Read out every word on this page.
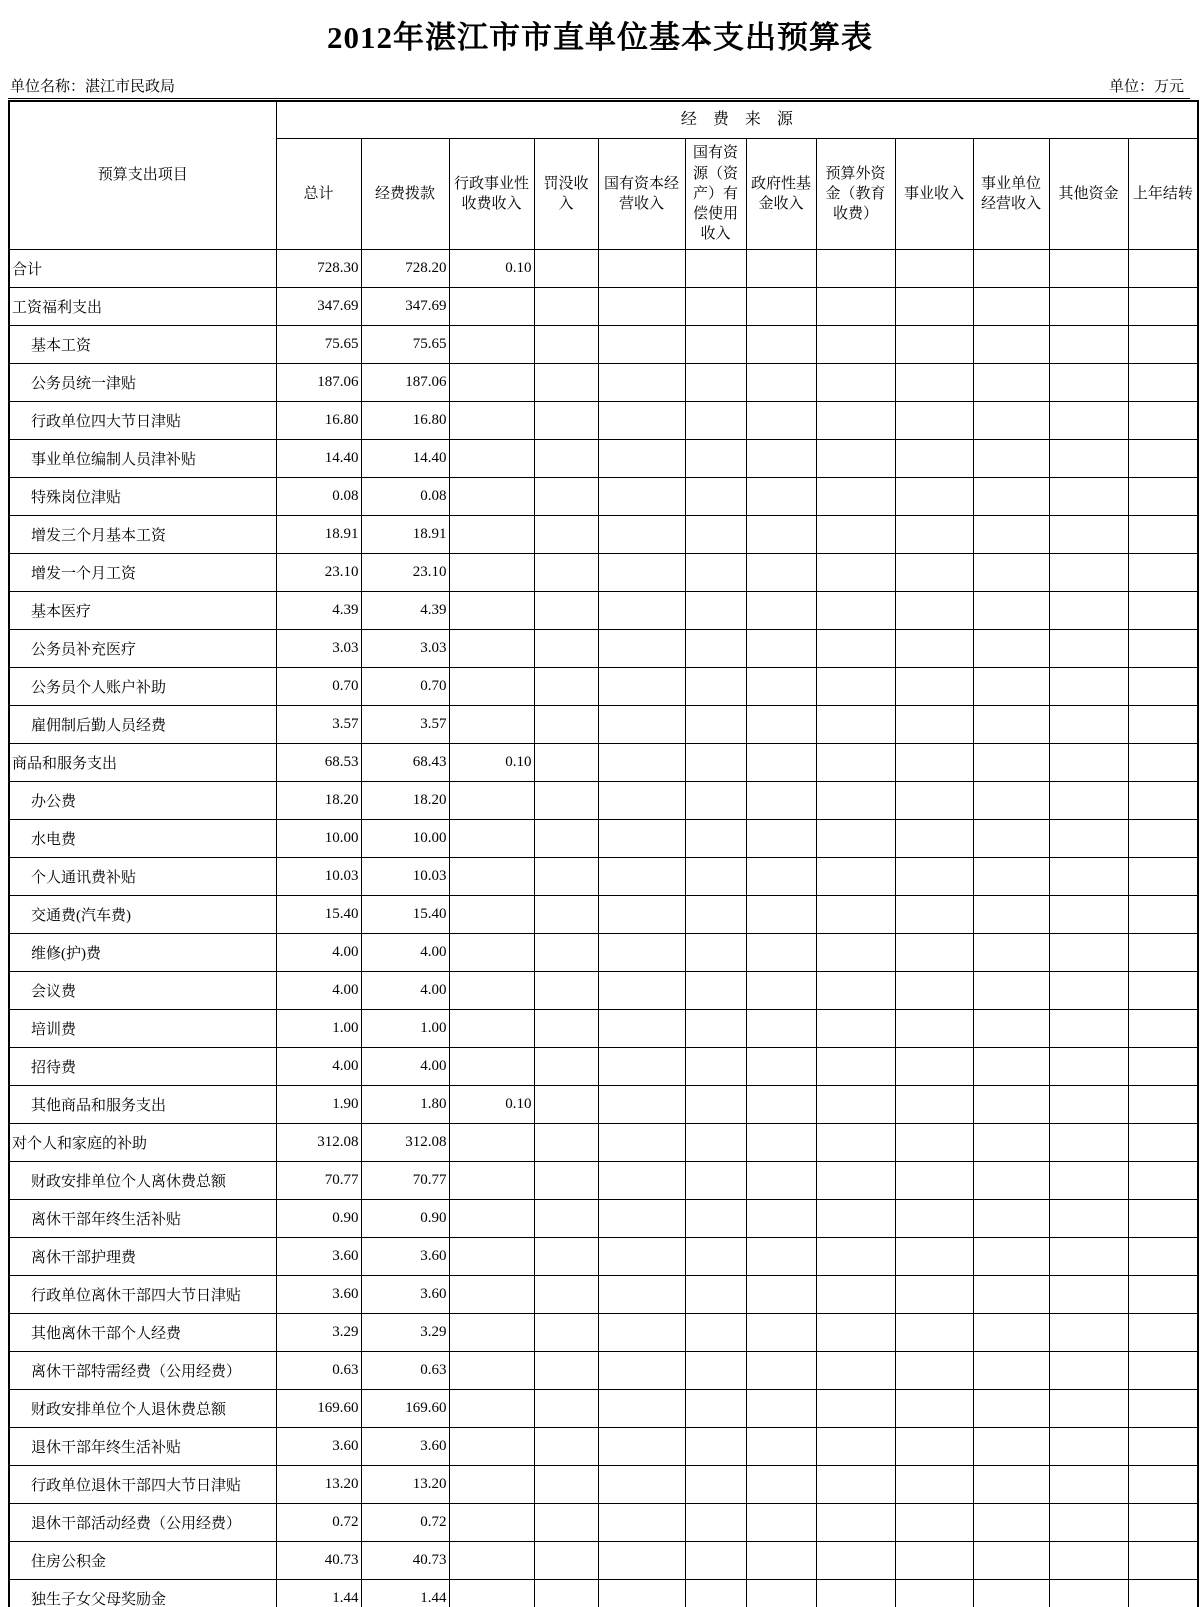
2012年湛江市市直单位基本支出预算表
单位名称：湛江市民政局	单位：万元
预算支出项目	经　费　来　源											
	总计	经费拨款	行政事业性收费收入	罚没收入	国有资本经营收入	国有资源（资产）有偿使用收入	政府性基金收入	预算外资金（教育收费）	事业收入	事业单位经营收入	其他资金	上年结转
合计	728.30	728.20	0.10									
工资福利支出	347.69	347.69										
基本工资	75.65	75.65										
公务员统一津贴	187.06	187.06										
行政单位四大节日津贴	16.80	16.80										
事业单位编制人员津补贴	14.40	14.40										
特殊岗位津贴	0.08	0.08										
增发三个月基本工资	18.91	18.91										
增发一个月工资	23.10	23.10										
基本医疗	4.39	4.39										
公务员补充医疗	3.03	3.03										
公务员个人账户补助	0.70	0.70										
雇佣制后勤人员经费	3.57	3.57										
商品和服务支出	68.53	68.43	0.10									
办公费	18.20	18.20										
水电费	10.00	10.00										
个人通讯费补贴	10.03	10.03										
交通费(汽车费)	15.40	15.40										
维修(护)费	4.00	4.00										
会议费	4.00	4.00										
培训费	1.00	1.00										
招待费	4.00	4.00										
其他商品和服务支出	1.90	1.80	0.10									
对个人和家庭的补助	312.08	312.08										
财政安排单位个人离休费总额	70.77	70.77										
离休干部年终生活补贴	0.90	0.90										
离休干部护理费	3.60	3.60										
行政单位离休干部四大节日津贴	3.60	3.60										
其他离休干部个人经费	3.29	3.29										
离休干部特需经费（公用经费）	0.63	0.63										
财政安排单位个人退休费总额	169.60	169.60										
退休干部年终生活补贴	3.60	3.60										
行政单位退休干部四大节日津贴	13.20	13.20										
退休干部活动经费（公用经费）	0.72	0.72										
住房公积金	40.73	40.73										
独生子女父母奖励金	1.44	1.44										
